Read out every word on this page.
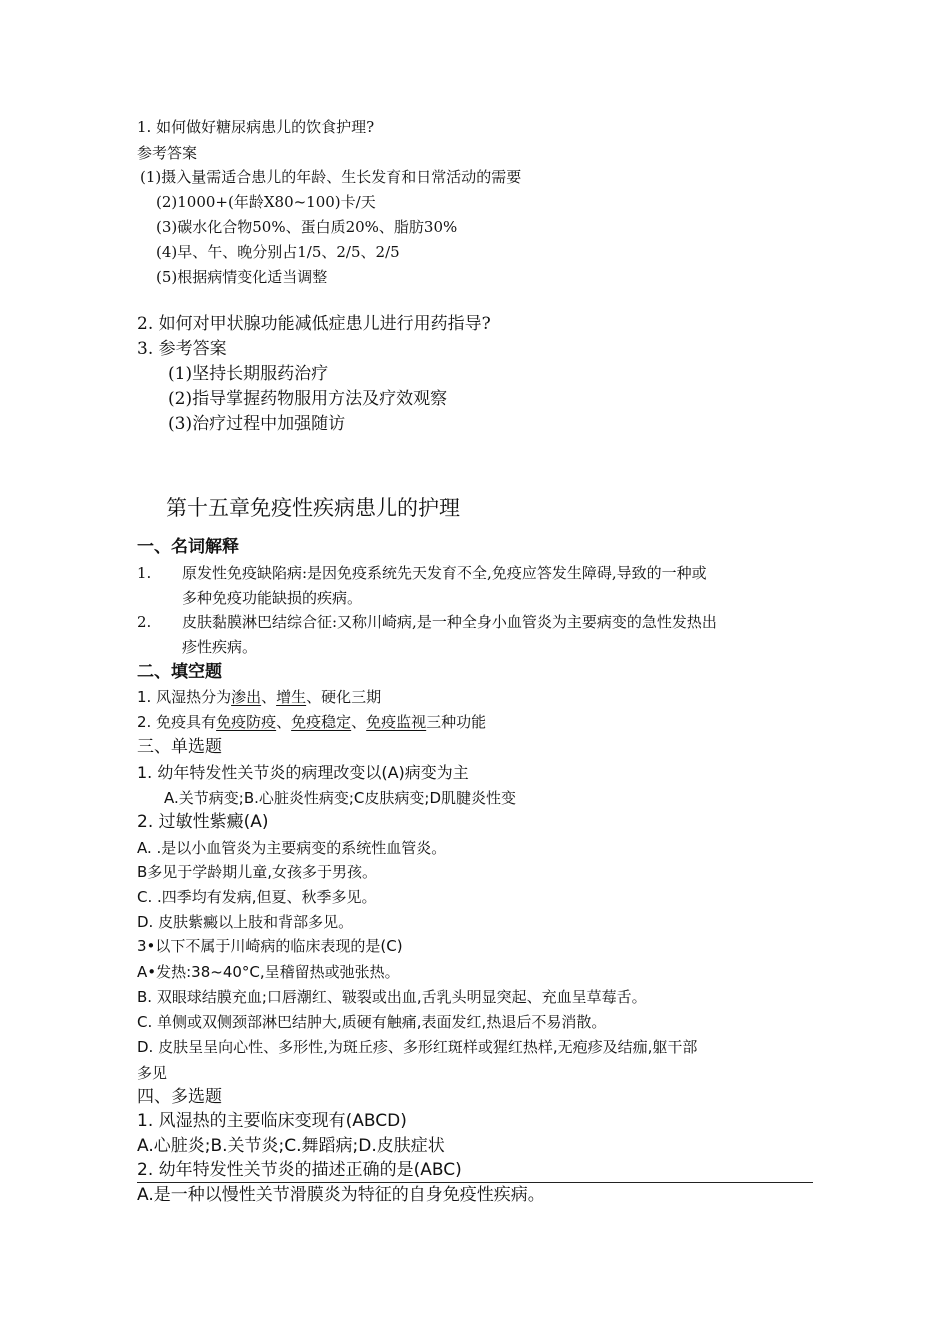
1. 如何做好糖尿病患儿的饮食护理?
参考答案
(1)摄入量需适合患儿的年龄、生长发育和日常活动的需要
(2)1000+(年龄X80~100)卡/天
(3)碳水化合物50%、蛋白质20%、脂肪30%
(4)早、午、晚分别占1/5、2/5、2/5
(5)根据病情变化适当调整
2. 如何对甲状腺功能减低症患儿进行用药指导?
3. 参考答案
(1)坚持长期服药治疗
(2)指导掌握药物服用方法及疗效观察
(3)治疗过程中加强随访
第十五章免疫性疾病患儿的护理
一、名词解释
1. 原发性免疫缺陷病:是因免疫系统先天发育不全,免疫应答发生障碍,导致的一种或
多种免疫功能缺损的疾病。
2. 皮肤黏膜淋巴结综合征:又称川崎病,是一种全身小血管炎为主要病变的急性发热出
疹性疾病。
二、填空题
1. 风湿热分为渗出、增生、硬化三期
2. 免疫具有免疫防疫、免疫稳定、免疫监视三种功能
三、单选题
1. 幼年特发性关节炎的病理改变以(A)病变为主
A.关节病变;B.心脏炎性病变;C皮肤病变;D肌腱炎性变
2. 过敏性紫癜(A)
A. .是以小血管炎为主要病变的系统性血管炎。
B多见于学龄期儿童,女孩多于男孩。
C. .四季均有发病,但夏、秋季多见。
D. 皮肤紫癜以上肢和背部多见。
3•以下不属于川崎病的临床表现的是(C)
A•发热:38~40°C,呈稽留热或弛张热。
B. 双眼球结膜充血;口唇潮红、皲裂或出血,舌乳头明显突起、充血呈草莓舌。
C. 单侧或双侧颈部淋巴结肿大,质硬有触痛,表面发红,热退后不易消散。
D. 皮肤呈呈向心性、多形性,为斑丘疹、多形红斑样或猩红热样,无疱疹及结痂,躯干部
多见
四、多选题
1. 风湿热的主要临床变现有(ABCD)
A.心脏炎;B.关节炎;C.舞蹈病;D.皮肤症状
2. 幼年特发性关节炎的描述正确的是(ABC)
A.是一种以慢性关节滑膜炎为特征的自身免疫性疾病。
